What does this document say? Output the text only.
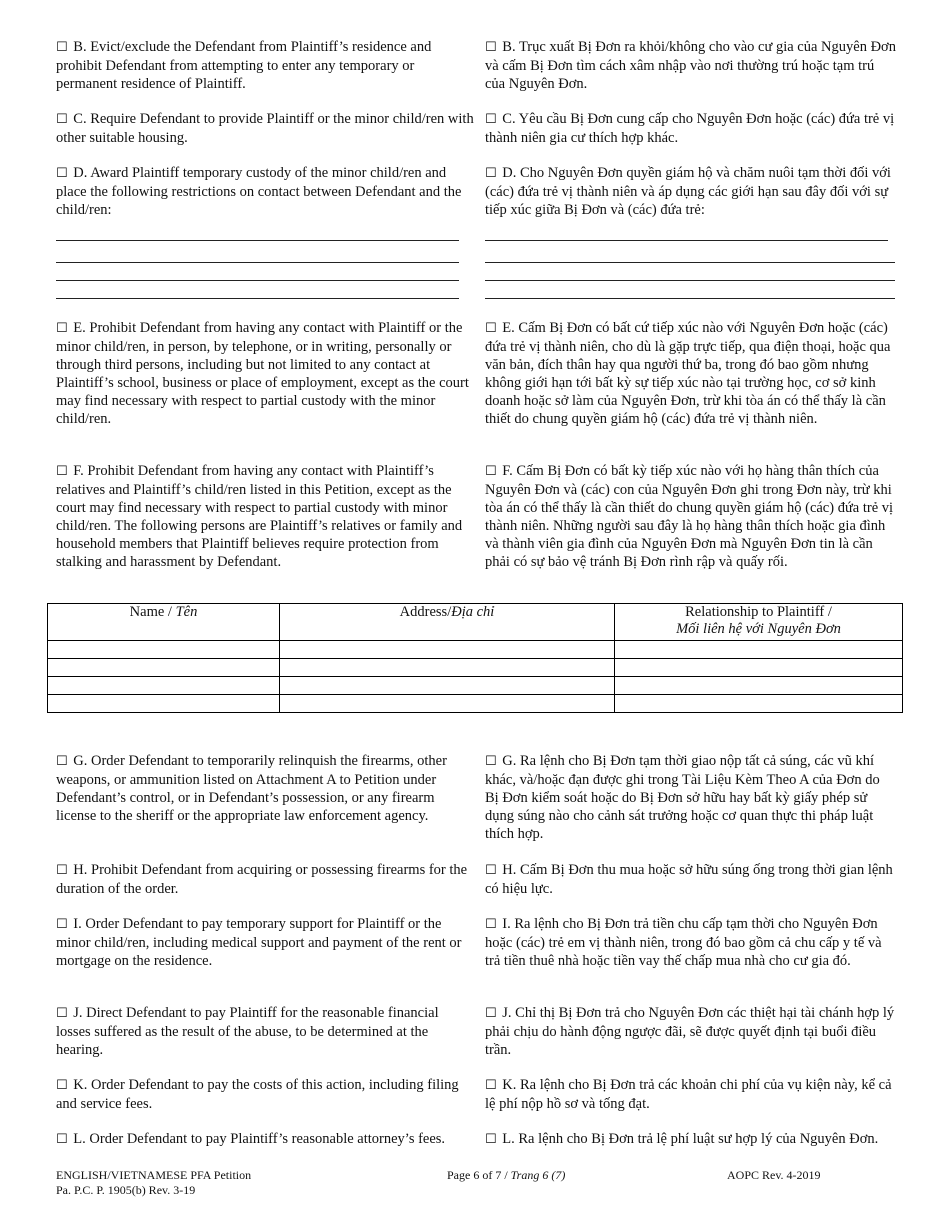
☐ B. Evict/exclude the Defendant from Plaintiff’s residence and prohibit Defendant from attempting to enter any temporary or permanent residence of Plaintiff.
☐ B. Trục xuất Bị Đơn ra khỏi/không cho vào cư gia của Nguyên Đơn và cấm Bị Đơn tìm cách xâm nhập vào nơi thường trú hoặc tạm trú của Nguyên Đơn.
☐ C. Require Defendant to provide Plaintiff or the minor child/ren with other suitable housing.
☐ C. Yêu cầu Bị Đơn cung cấp cho Nguyên Đơn hoặc (các) đứa trẻ vị thành niên gia cư thích hợp khác.
☐ D. Award Plaintiff temporary custody of the minor child/ren and place the following restrictions on contact between Defendant and the child/ren:
☐ D. Cho Nguyên Đơn quyền giám hộ và chăm nuôi tạm thời đối với (các) đứa trẻ vị thành niên và áp dụng các giới hạn sau đây đối với sự tiếp xúc giữa Bị Đơn và (các) đứa trẻ:
☐ E. Prohibit Defendant from having any contact with Plaintiff or the minor child/ren, in person, by telephone, or in writing, personally or through third persons, including but not limited to any contact at Plaintiff’s school, business or place of employment, except as the court may find necessary with respect to partial custody with the minor child/ren.
☐ E. Cấm Bị Đơn có bất cứ tiếp xúc nào với Nguyên Đơn hoặc (các) đứa trẻ vị thành niên, cho dù là gặp trực tiếp, qua điện thoại, hoặc qua văn bản, đích thân hay qua người thứ ba, trong đó bao gồm nhưng không giới hạn tới bất kỳ sự tiếp xúc nào tại trường học, cơ sở kinh doanh hoặc sở làm của Nguyên Đơn, trừ khi tòa án có thể thấy là cần thiết do chung quyền giám hộ (các) đứa trẻ vị thành niên.
☐ F. Prohibit Defendant from having any contact with Plaintiff’s relatives and Plaintiff’s child/ren listed in this Petition, except as the court may find necessary with respect to partial custody with minor child/ren. The following persons are Plaintiff’s relatives or family and household members that Plaintiff believes require protection from stalking and harassment by Defendant.
☐ F. Cấm Bị Đơn có bất kỳ tiếp xúc nào với họ hàng thân thích của Nguyên Đơn và (các) con của Nguyên Đơn ghi trong Đơn này, trừ khi tòa án có thể thấy là cần thiết do chung quyền giám hộ (các) đứa trẻ vị thành niên. Những người sau đây là họ hàng thân thích hoặc gia đình và thành viên gia đình của Nguyên Đơn mà Nguyên Đơn tin là cần phải có sự bảo vệ tránh Bị Đơn rình rập và quấy rối.
Name / Tên	Address/Địa chỉ	Relationship to Plaintiff /
Mối liên hệ với Nguyên Đơn

☐ G. Order Defendant to temporarily relinquish the firearms, other weapons, or ammunition listed on Attachment A to Petition under Defendant’s control, or in Defendant’s possession, or any firearm license to the sheriff or the appropriate law enforcement agency.
☐ G. Ra lệnh cho Bị Đơn tạm thời giao nộp tất cả súng, các vũ khí khác, và/hoặc đạn được ghi trong Tài Liệu Kèm Theo A của Đơn do Bị Đơn kiểm soát hoặc do Bị Đơn sở hữu hay bất kỳ giấy phép sử dụng súng nào cho cảnh sát trưởng hoặc cơ quan thực thi pháp luật thích hợp.
☐ H. Prohibit Defendant from acquiring or possessing firearms for the duration of the order.
☐ H. Cấm Bị Đơn thu mua hoặc sở hữu súng ống trong thời gian lệnh có hiệu lực.
☐ I. Order Defendant to pay temporary support for Plaintiff or the minor child/ren, including medical support and payment of the rent or mortgage on the residence.
☐ I. Ra lệnh cho Bị Đơn trả tiền chu cấp tạm thời cho Nguyên Đơn hoặc (các) trẻ em vị thành niên, trong đó bao gồm cả chu cấp y tế và trả tiền thuê nhà hoặc tiền vay thế chấp mua nhà cho cư gia đó.
☐ J. Direct Defendant to pay Plaintiff for the reasonable financial losses suffered as the result of the abuse, to be determined at the hearing.
☐ J. Chỉ thị Bị Đơn trả cho Nguyên Đơn các thiệt hại tài chánh hợp lý phải chịu do hành động ngược đãi, sẽ được quyết định tại buổi điều trần.
☐ K. Order Defendant to pay the costs of this action, including filing and service fees.
☐ K. Ra lệnh cho Bị Đơn trả các khoản chi phí của vụ kiện này, kể cả lệ phí nộp hồ sơ và tống đạt.
☐ L. Order Defendant to pay Plaintiff’s reasonable attorney’s fees.	☐ L. Ra lệnh cho Bị Đơn trả lệ phí luật sư hợp lý của Nguyên Đơn.
ENGLISH/VIETNAMESE PFA Petition
Pa. P.C. P. 1905(b) Rev. 3-19
Page 6 of 7 / Trang 6 (7)	AOPC Rev. 4-2019
